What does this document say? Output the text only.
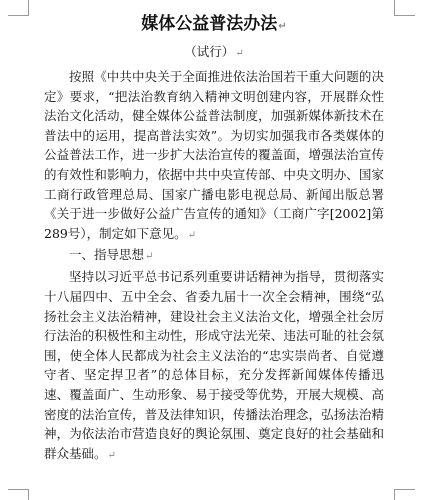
媒体公益普法办法↵

（试行）↵

按照《中共中央关于全面推进依法治国若干重大问题的决定》要求，“把法治教育纳入精神文明创建内容，开展群众性法治文化活动，健全媒体公益普法制度，加强新媒体新技术在普法中的运用，提高普法实效”。为切实加强我市各类媒体的公益普法工作，进一步扩大法治宣传的覆盖面，增强法治宣传的有效性和影响力，依据中共中央宣传部、中央文明办、国家工商行政管理总局、国家广播电影电视总局、新闻出版总署《关于进一步做好公益广告宣传的通知》（工商广字[2002]第289号），制定如下意见。↵

一、指导思想↵

坚持以习近平总书记系列重要讲话精神为指导，贯彻落实十八届四中、五中全会、省委九届十一次全会精神，围绕“弘扬社会主义法治精神，建设社会主义法治文化，增强全社会厉行法治的积极性和主动性，形成守法光荣、违法可耻的社会氛围，使全体人民都成为社会主义法治的“忠实崇尚者、自觉遵守者、坚定捍卫者”的总体目标，充分发挥新闻媒体传播迅速、覆盖面广、生动形象、易于接受等优势，开展大规模、高密度的法治宣传，普及法律知识，传播法治理念，弘扬法治精神，为依法治市营造良好的舆论氛围、奠定良好的社会基础和群众基础。↵
